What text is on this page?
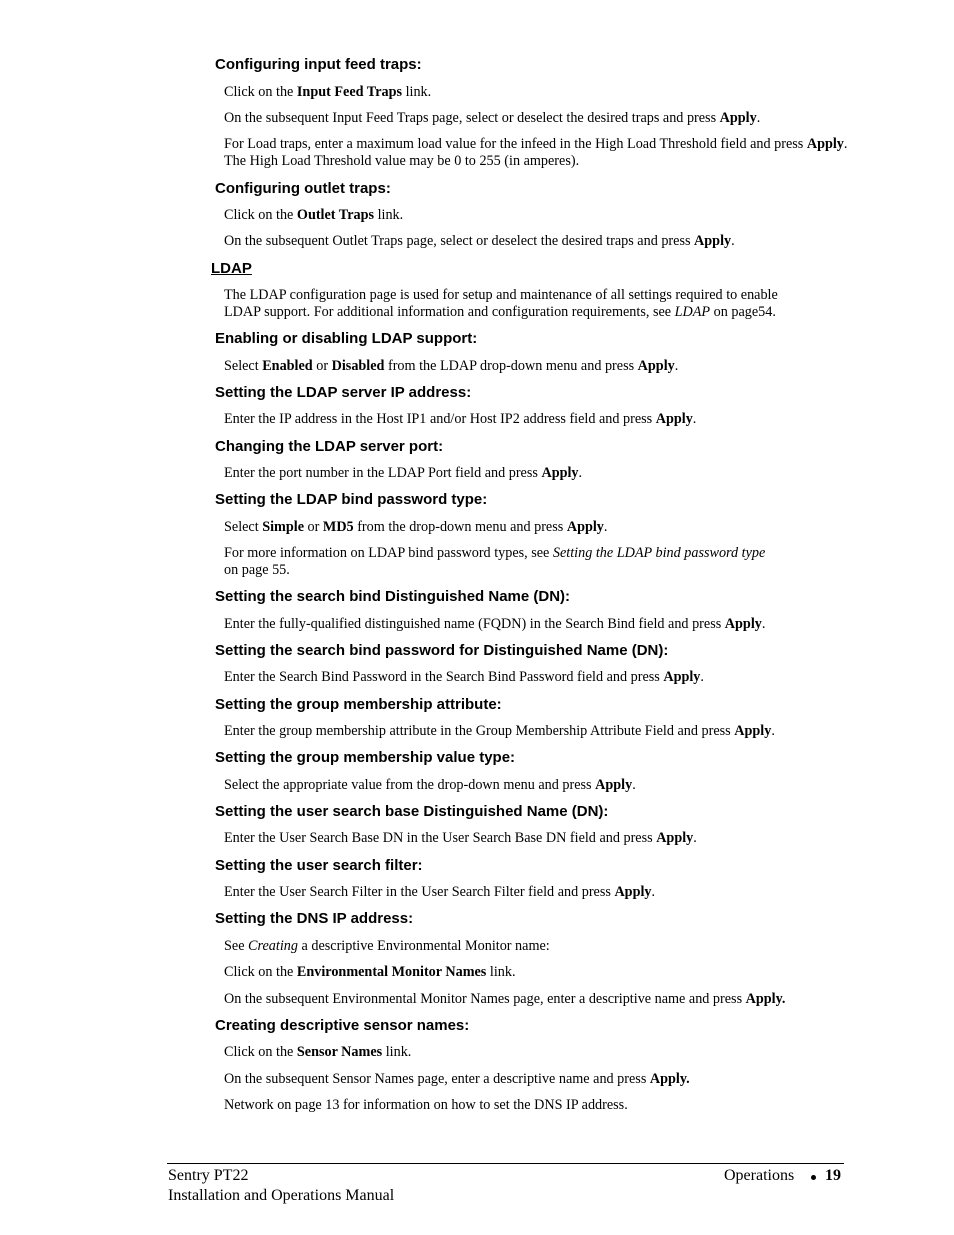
Configuring input feed traps:
Click on the Input Feed Traps link.
On the subsequent Input Feed Traps page, select or deselect the desired traps and press Apply.
For Load traps, enter a maximum load value for the infeed in the High Load Threshold field and press Apply.
The High Load Threshold value may be 0 to 255 (in amperes).
Configuring outlet traps:
Click on the Outlet Traps link.
On the subsequent Outlet Traps page, select or deselect the desired traps and press Apply.
LDAP
The LDAP configuration page is used for setup and maintenance of all settings required to enable
LDAP support. For additional information and configuration requirements, see LDAP on page54.
Enabling or disabling LDAP support:
Select Enabled or Disabled from the LDAP drop-down menu and press Apply.
Setting the LDAP server IP address:
Enter the IP address in the Host IP1 and/or Host IP2 address field and press Apply.
Changing the LDAP server port:
Enter the port number in the LDAP Port field and press Apply.
Setting the LDAP bind password type:
Select Simple or MD5 from the drop-down menu and press Apply.
For more information on LDAP bind password types, see Setting the LDAP bind password type
on page 55.
Setting the search bind Distinguished Name (DN):
Enter the fully-qualified distinguished name (FQDN) in the Search Bind field and press Apply.
Setting the search bind password for Distinguished Name (DN):
Enter the Search Bind Password in the Search Bind Password field and press Apply.
Setting the group membership attribute:
Enter the group membership attribute in the Group Membership Attribute Field and press Apply.
Setting the group membership value type:
Select the appropriate value from the drop-down menu and press Apply.
Setting the user search base Distinguished Name (DN):
Enter the User Search Base DN in the User Search Base DN field and press Apply.
Setting the user search filter:
Enter the User Search Filter in the User Search Filter field and press Apply.
Setting the DNS IP address:
See Creating a descriptive Environmental Monitor name:
Click on the Environmental Monitor Names link.
On the subsequent Environmental Monitor Names page, enter a descriptive name and press Apply.
Creating descriptive sensor names:
Click on the Sensor Names link.
On the subsequent Sensor Names page, enter a descriptive name and press Apply.
Network on page 13 for information on how to set the DNS IP address.
Sentry PT22
Installation and Operations Manual
Operations 19
